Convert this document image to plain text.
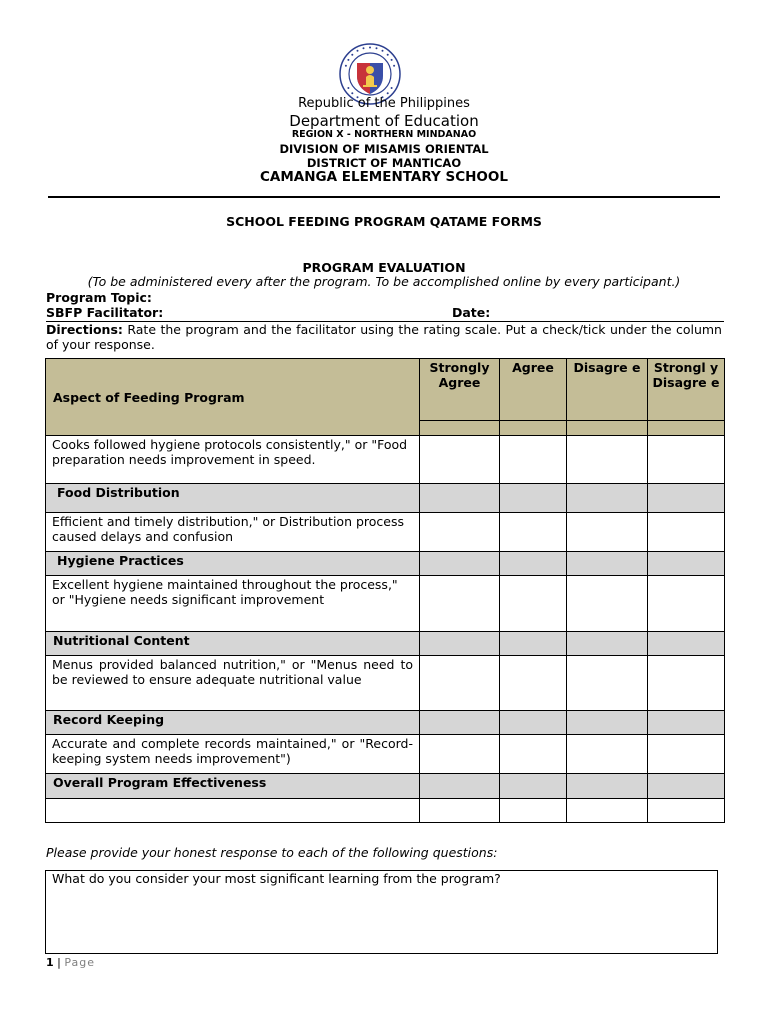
Republic of the Philippines
Department of Education
REGION X - NORTHERN MINDANAO
DIVISION OF MISAMIS ORIENTAL
DISTRICT OF MANTICAO
CAMANGA ELEMENTARY SCHOOL
SCHOOL FEEDING PROGRAM QATAME FORMS
PROGRAM EVALUATION
(To be administered every after the program. To be accomplished online by every participant.)
Program Topic:
SBFP Facilitator:	Date:
Directions: Rate the program and the facilitator using the rating scale. Put a check/tick under the column of your response.
Aspect of Feeding Program	Strongly Agree	Agree	Disagre e	Strongl y Disagre e

Cooks followed hygiene protocols consistently," or "Food preparation needs improvement in speed.				
Food Distribution				
Efficient and timely distribution," or Distribution process caused delays and confusion				
Hygiene Practices				
Excellent hygiene maintained throughout the process," or "Hygiene needs significant improvement				
Nutritional Content				
Menus provided balanced nutrition," or "Menus need to be reviewed to ensure adequate nutritional value				
Record Keeping				
Accurate and complete records maintained," or "Record-keeping system needs improvement")				
Overall Program Effectiveness				

Please provide your honest response to each of the following questions:
What do you consider your most significant learning from the program?
1 | Page
